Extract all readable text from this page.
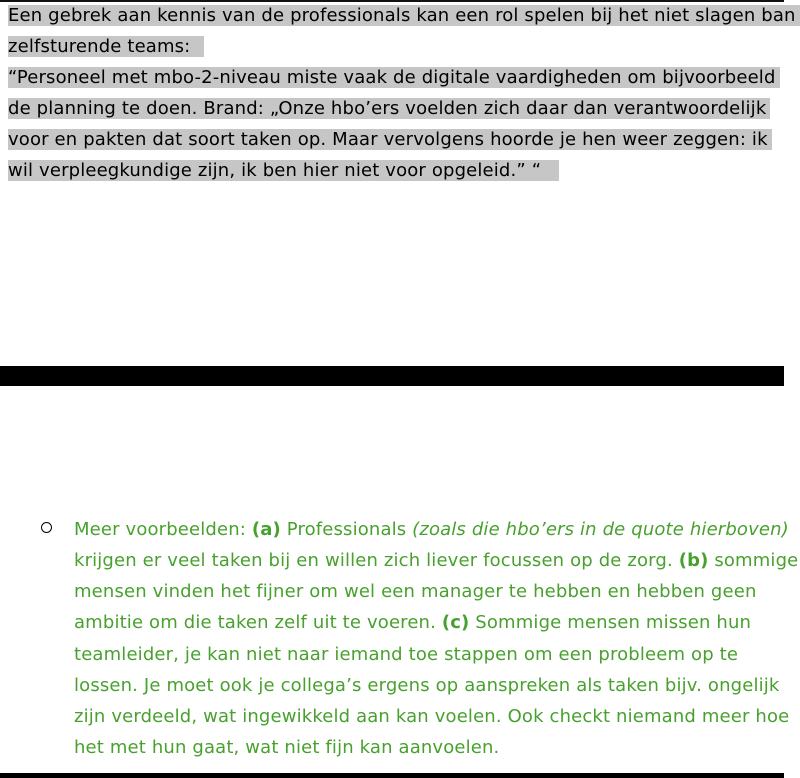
Een gebrek aan kennis van de professionals kan een rol spelen bij het niet slagen ban
zelfsturende teams:
“Personeel met mbo-2-niveau miste vaak de digitale vaardigheden om bijvoorbeeld
de planning te doen. Brand: „Onze hbo’ers voelden zich daar dan verantwoordelijk
voor en pakten dat soort taken op. Maar vervolgens hoorde je hen weer zeggen: ik
wil verpleegkundige zijn, ik ben hier niet voor opgeleid.” “
Meer voorbeelden: (a) Professionals (zoals die hbo’ers in de quote hierboven)
krijgen er veel taken bij en willen zich liever focussen op de zorg. (b) sommige
mensen vinden het fijner om wel een manager te hebben en hebben geen
ambitie om die taken zelf uit te voeren. (c) Sommige mensen missen hun
teamleider, je kan niet naar iemand toe stappen om een probleem op te
lossen. Je moet ook je collega’s ergens op aanspreken als taken bijv. ongelijk
zijn verdeeld, wat ingewikkeld aan kan voelen. Ook checkt niemand meer hoe
het met hun gaat, wat niet fijn kan aanvoelen.
